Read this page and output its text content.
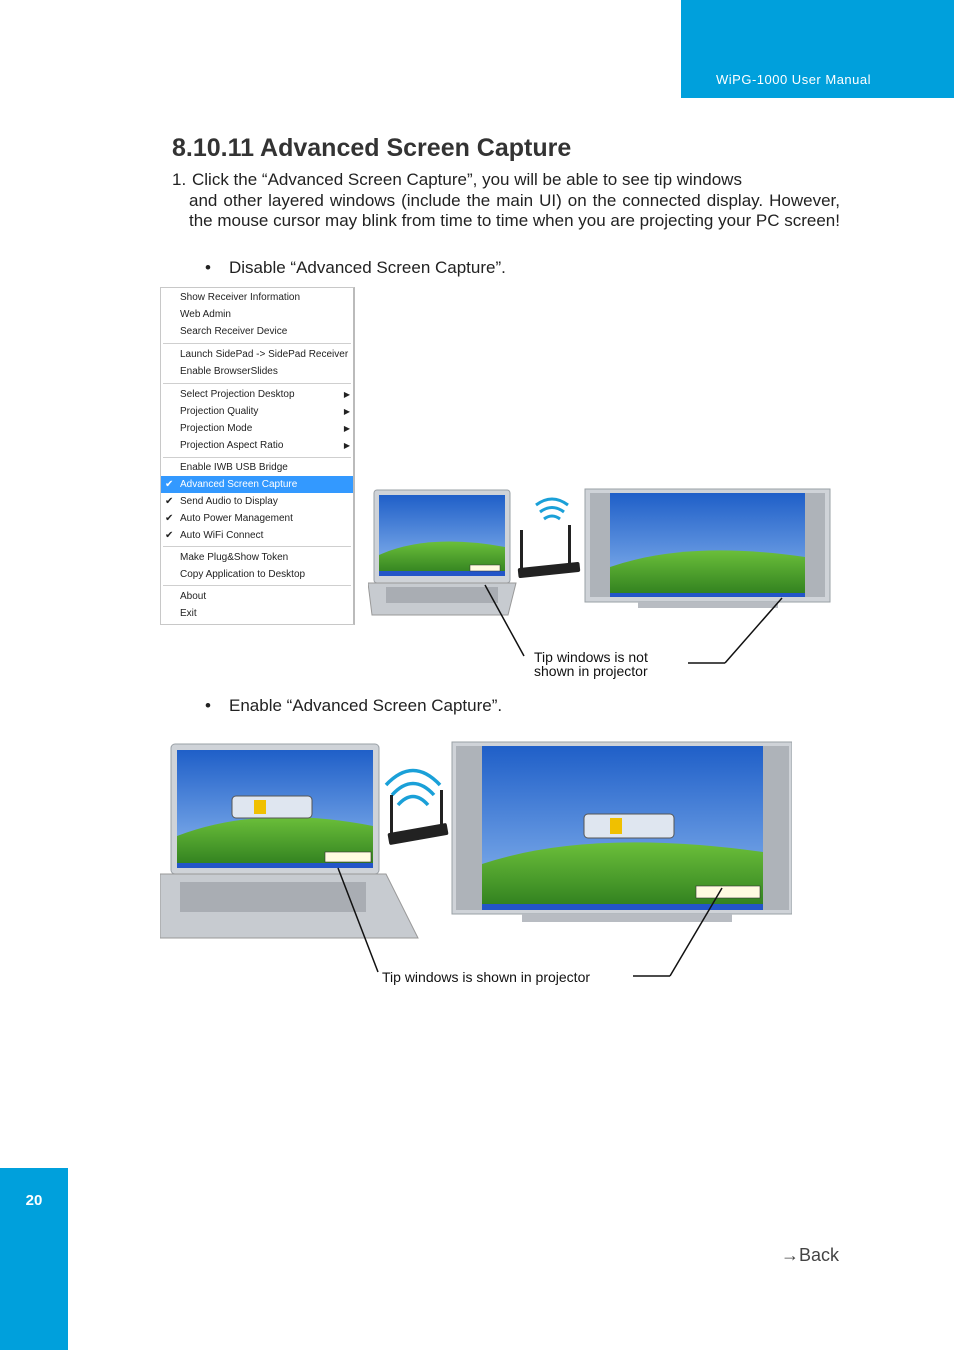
WiPG-1000 User Manual
8.10.11 Advanced Screen Capture
1. Click the “Advanced Screen Capture”, you will be able to see tip windows
and other layered windows (include the main UI) on the connected display. However, the mouse cursor may blink from time to time when you are projecting your PC screen!
• Disable “Advanced Screen Capture”.
Show Receiver Information
Web Admin
Search Receiver Device
Launch SidePad -> SidePad Receiver
Enable BrowserSlides
Select Projection Desktop	▶
Projection Quality	▶
Projection Mode	▶
Projection Aspect Ratio	▶
Enable IWB USB Bridge
✔ Advanced Screen Capture
✔ Send Audio to Display
✔ Auto Power Management
✔ Auto WiFi Connect
Make Plug&Show Token
Copy Application to Desktop
About
Exit
Tip windows is not
shown in projector
• Enable “Advanced Screen Capture”.
Tip windows is shown in projector
→Back
20
